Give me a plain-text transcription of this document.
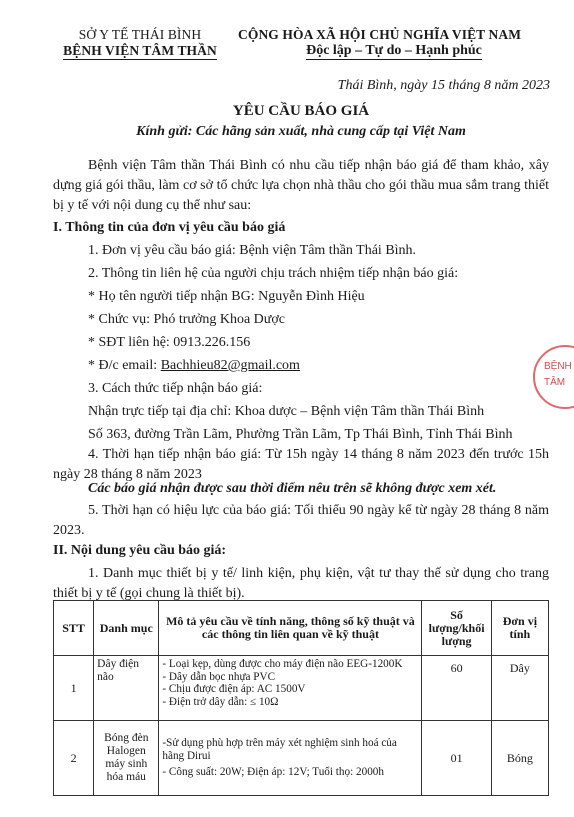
SỞ Y TẾ THÁI BÌNH
BỆNH VIỆN TÂM THẦN
CỘNG HÒA XÃ HỘI CHỦ NGHĨA VIỆT NAM
Độc lập – Tự do – Hạnh phúc
Thái Bình, ngày 15 tháng 8 năm 2023
YÊU CẦU BÁO GIÁ
Kính gửi: Các hãng sản xuất, nhà cung cấp tại Việt Nam
Bệnh viện Tâm thần Thái Bình có nhu cầu tiếp nhận báo giá để tham khảo, xây dựng giá gói thầu, làm cơ sở tổ chức lựa chọn nhà thầu cho gói thầu mua sắm trang thiết bị y tế với nội dung cụ thể như sau:
I. Thông tin của đơn vị yêu cầu báo giá
1. Đơn vị yêu cầu báo giá: Bệnh viện Tâm thần Thái Bình.
2. Thông tin liên hệ của người chịu trách nhiệm tiếp nhận báo giá:
* Họ tên người tiếp nhận BG: Nguyễn Đình Hiệu
* Chức vụ: Phó trưởng Khoa Dược
* SĐT liên hệ: 0913.226.156
* Đ/c email: Bachhieu82@gmail.com
3. Cách thức tiếp nhận báo giá:
Nhận trực tiếp tại địa chỉ: Khoa dược – Bệnh viện Tâm thần Thái Bình
Số 363, đường Trần Lãm, Phường Trần Lãm, Tp Thái Bình, Tỉnh Thái Bình
4. Thời hạn tiếp nhận báo giá: Từ 15h ngày 14 tháng 8 năm 2023 đến trước 15h ngày 28 tháng 8 năm 2023
Các báo giá nhận được sau thời điểm nêu trên sẽ không được xem xét.
5. Thời hạn có hiệu lực của báo giá: Tối thiểu 90 ngày kể từ ngày 28 tháng 8 năm 2023.
II. Nội dung yêu cầu báo giá:
1. Danh mục thiết bị y tế/ linh kiện, phụ kiện, vật tư thay thế sử dụng cho trang thiết bị y tế (gọi chung là thiết bị).
STT	Danh mục	Mô tả yêu cầu về tính năng, thông số kỹ thuật và các thông tin liên quan về kỹ thuật	Số lượng/khối lượng	Đơn vị tính
1	Dây điện não	- Loại kẹp, dùng được cho máy điện não EEG-1200K
- Dây dẫn bọc nhựa PVC
- Chịu được điện áp: AC 1500V
- Điện trở dây dẫn: ≤ 10Ω	60	Dây
2	Bóng đèn Halogen máy sinh hóa máu	-Sử dụng phù hợp trên máy xét nghiệm sinh hoá của hãng Dirui
- Công suất: 20W; Điện áp: 12V; Tuổi thọ: 2000h	01	Bóng
BỆNH
TÂM
